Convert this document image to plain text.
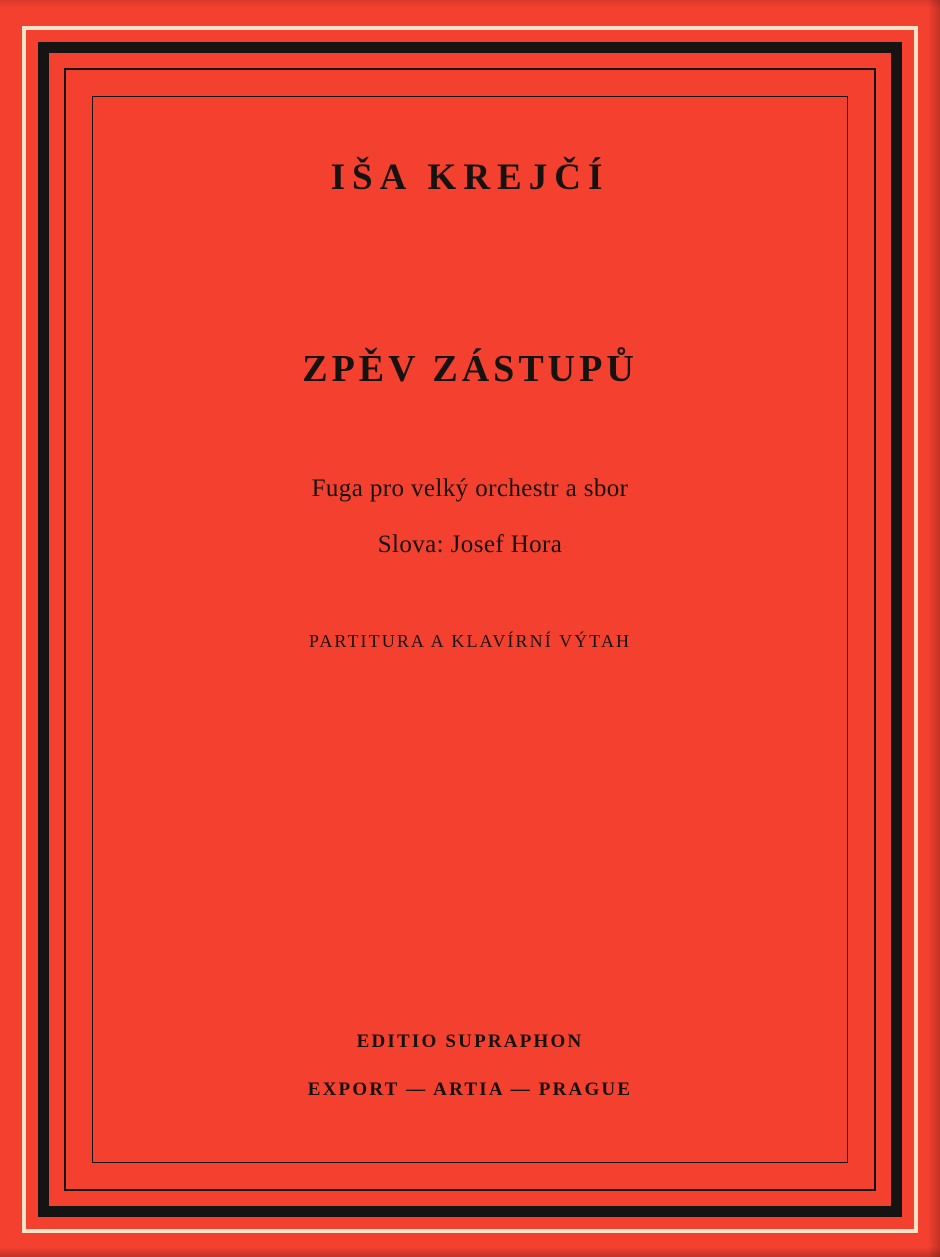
IŠA KREJČÍ
ZPĚV ZÁSTUPŮ
Fuga pro velký orchestr a sbor
Slova: Josef Hora
PARTITURA A KLAVÍRNÍ VÝTAH
EDITIO SUPRAPHON
EXPORT — ARTIA — PRAGUE
